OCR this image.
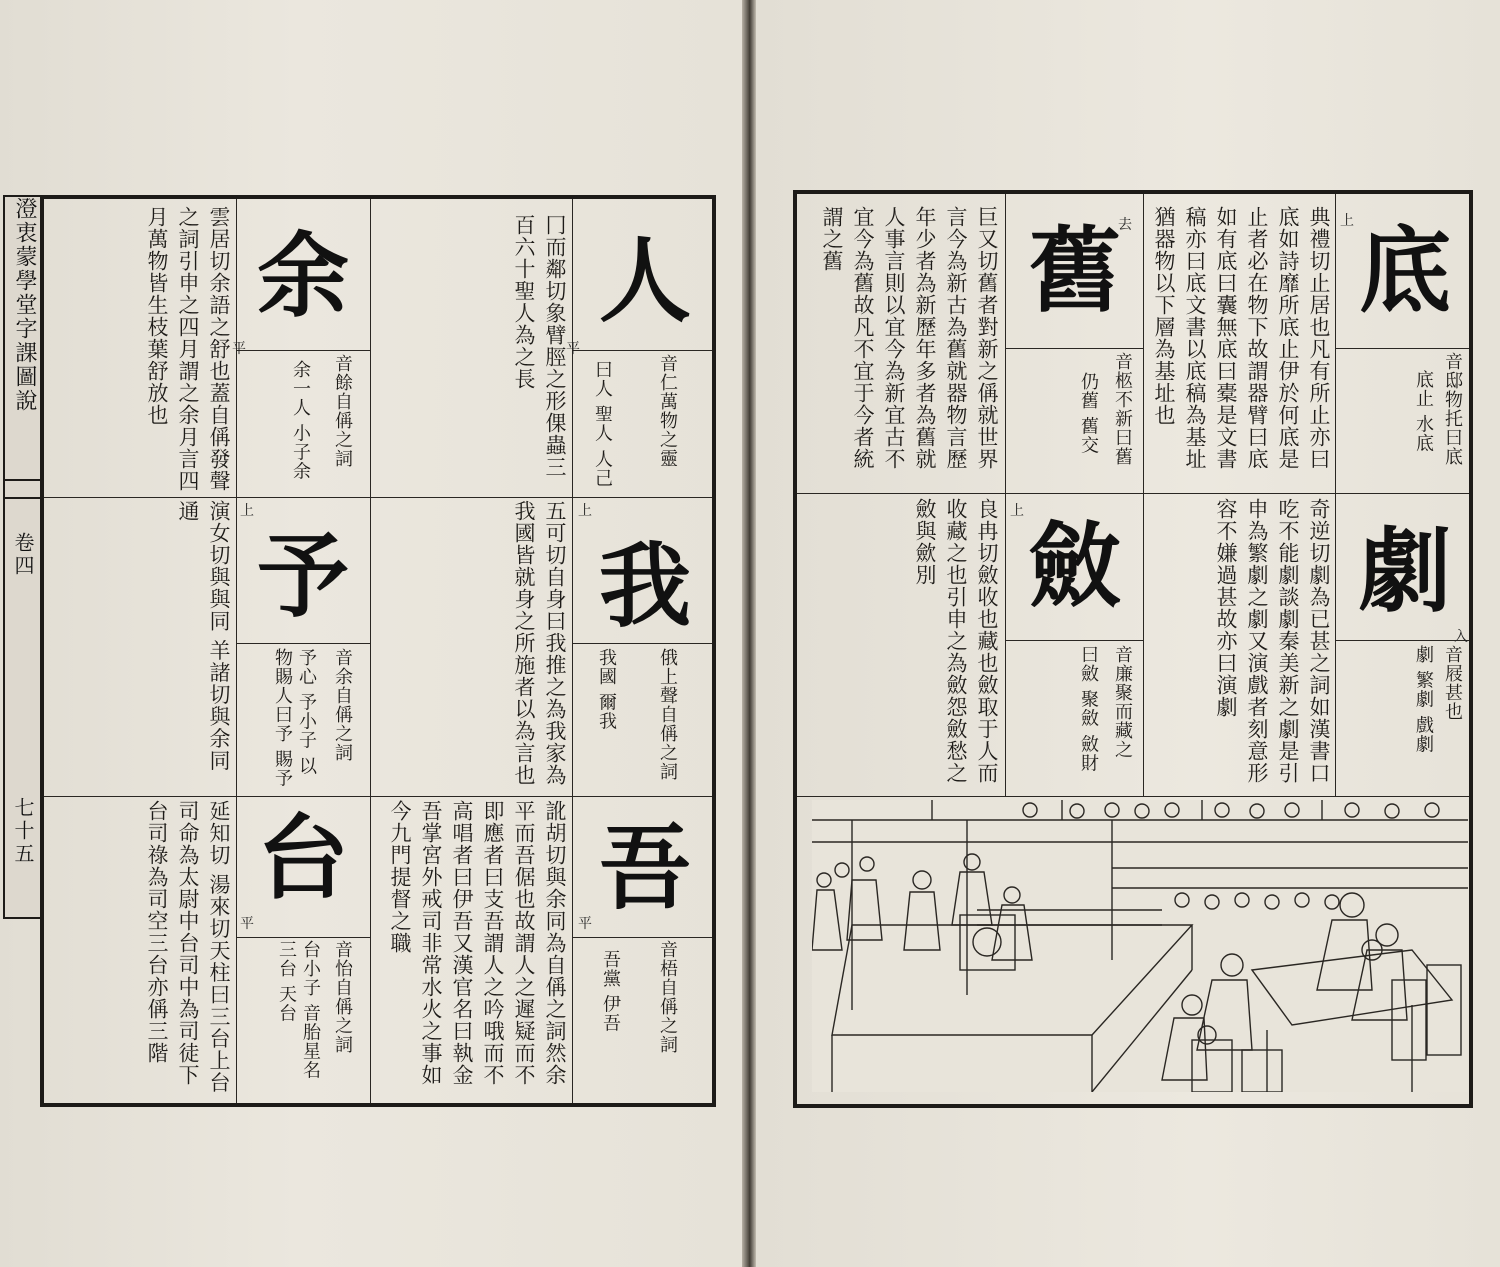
澄衷蒙學堂字課圖說
卷四
七十五
人
平
音仁萬物之靈
曰人 聖人 人己
我
上
俄上聲自偁之詞
我國 爾我
吾
平
音梧自偁之詞
吾黨 伊吾
冂而鄰切象臂脛之形倮蟲三百六十聖人為之長
五可切自身曰我推之為我家為我國皆就身之所施者以為言也
訛胡切與余同為自偁之詞然余平而吾倨也故謂人之遲疑而不即應者曰支吾謂人之吟哦而不高唱者曰伊吾又漢官名曰執金吾掌宮外戒司非常水火之事如今九門提督之職
余
平
音餘自偁之詞
余一人 小子余
予
上
音余自偁之詞
予心 予小子 以物賜人曰予 賜予
台
平
音怡自偁之詞
台小子 音胎星名 三台 天台
雲居切余語之舒也蓋自偁發聲之詞引申之四月謂之余月言四月萬物皆生枝葉舒放也
演女切與與同 羊諸切與余同通
延知切 湯來切天柱曰三台上台司命為太尉中台司中為司徒下台司祿為司空三台亦偁三階
底
上
音邸物托曰底
底止 水底
典禮切止居也凡有所止亦曰底如詩靡所底止伊於何底是止者必在物下故謂器臂曰底如有底曰囊無底曰橐是文書稿亦曰底文書以底稿為基址猶器物以下層為基址也
劇
入
音屐甚也
劇 繁劇 戲劇
奇逆切劇為已甚之詞如漢書口吃不能劇談劇秦美新之劇是引申為繁劇之劇又演戲者刻意形容不嫌過甚故亦曰演劇
舊
去
音柩不新曰舊
仍舊 舊交
巨又切舊者對新之偁就世界言今為新古為舊就器物言歷年少者為新歷年多者為舊就人事言則以宜今為新宜古不宜今為舊故凡不宜于今者統謂之舊
斂
上
音廉聚而藏之
曰斂 聚斂 斂財
良冉切斂收也藏也斂取于人而收藏之也引申之為斂怨斂愁之斂與歛別
